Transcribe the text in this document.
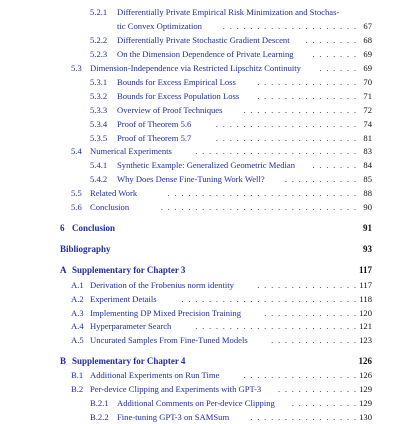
5.2.1 Differentially Private Empirical Risk Minimization and Stochas-
tic Convex Optimization	. . . . . . . . . . . . . . . . . . . . 67
5.2.2 Differentially Private Stochastic Gradient Descent	. . . . . . . . 68
5.2.3 On the Dimension Dependence of Private Learning	. . . . . . . 69
5.3 Dimension-Independence via Restricted Lipschitz Continuity	. . . . . . 69
5.3.1 Bounds for Excess Empirical Loss	. . . . . . . . . . . . . . . 70
5.3.2 Bounds for Excess Population Loss	. . . . . . . . . . . . . . . 71
5.3.3 Overview of Proof Techniques	. . . . . . . . . . . . . . . . . 72
5.3.4 Proof of Theorem 5.6	. . . . . . . . . . . . . . . . . . . . . 74
5.3.5 Proof of Theorem 5.7	. . . . . . . . . . . . . . . . . . . . . 81
5.4 Numerical Experiments	. . . . . . . . . . . . . . . . . . . . . . . . 83
5.4.1 Synthetic Example: Generalized Geometric Median	. . . . . . . 84
5.4.2 Why Does Dense Fine-Tuning Work Well?	. . . . . . . . . . . 85
5.5 Related Work	. . . . . . . . . . . . . . . . . . . . . . . . . . . . 88
5.6 Conclusion	. . . . . . . . . . . . . . . . . . . . . . . . . . . . . 90
6 Conclusion	91
Bibliography	93
A Supplementary for Chapter 3	117
A.1 Derivation of the Frobenius norm identity	. . . . . . . . . . . . . . . 117
A.2 Experiment Details	. . . . . . . . . . . . . . . . . . . . . . . . . . 118
A.3 Implementing DP Mixed Precision Training	. . . . . . . . . . . . . . 120
A.4 Hyperparameter Search	. . . . . . . . . . . . . . . . . . . . . . . . 121
A.5 Uncurated Samples From Fine-Tuned Models	. . . . . . . . . . . . . 123
B Supplementary for Chapter 4	126
B.1 Additional Experiments on Run Time	. . . . . . . . . . . . . . . . . 126
B.2 Per-device Clipping and Experiments with GPT-3	. . . . . . . . . . . . 129
B.2.1 Additional Comments on Per-device Clipping	. . . . . . . . . . 129
B.2.2 Fine-tuning GPT-3 on SAMSum	. . . . . . . . . . . . . . . . 130
